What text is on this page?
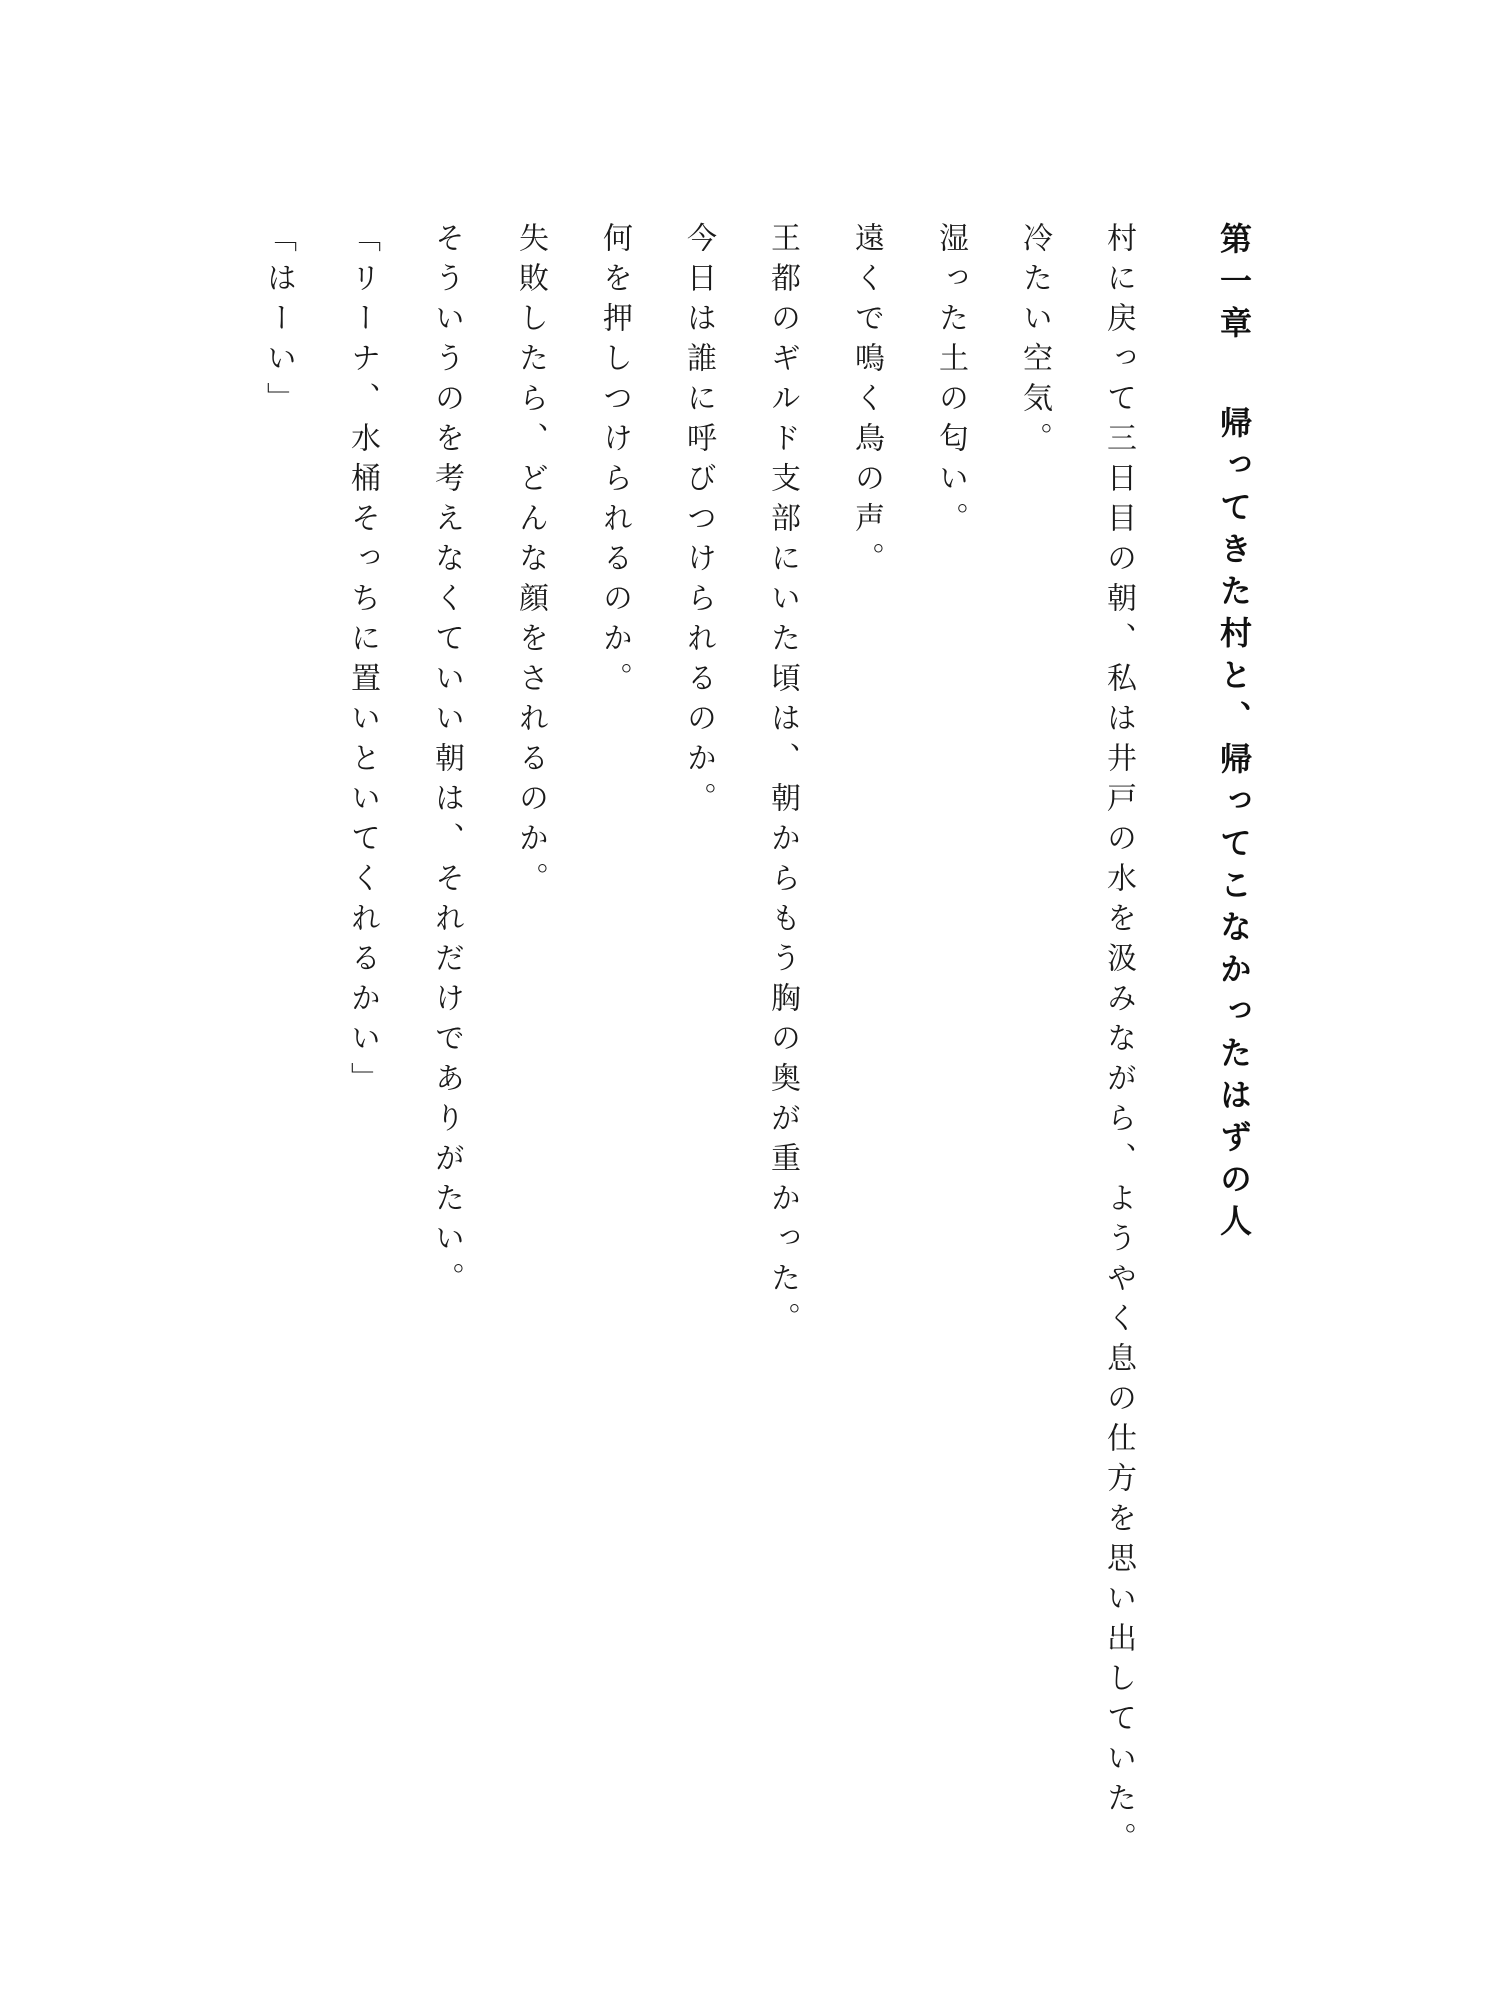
第一章帰ってきた村と、帰ってこなかったはずの人
村に戻って三日目の朝、私は井戸の水を汲みながら、ようやく息の仕方を思い出していた。
冷たい空気。
湿った土の匂い。
遠くで鳴く鳥の声。
王都のギルド支部にいた頃は、朝からもう胸の奥が重かった。
今日は誰に呼びつけられるのか。
何を押しつけられるのか。
失敗したら、どんな顔をされるのか。
そういうのを考えなくていい朝は、それだけでありがたい。
「リーナ、水桶そっちに置いといてくれるかい」
「はーい」
